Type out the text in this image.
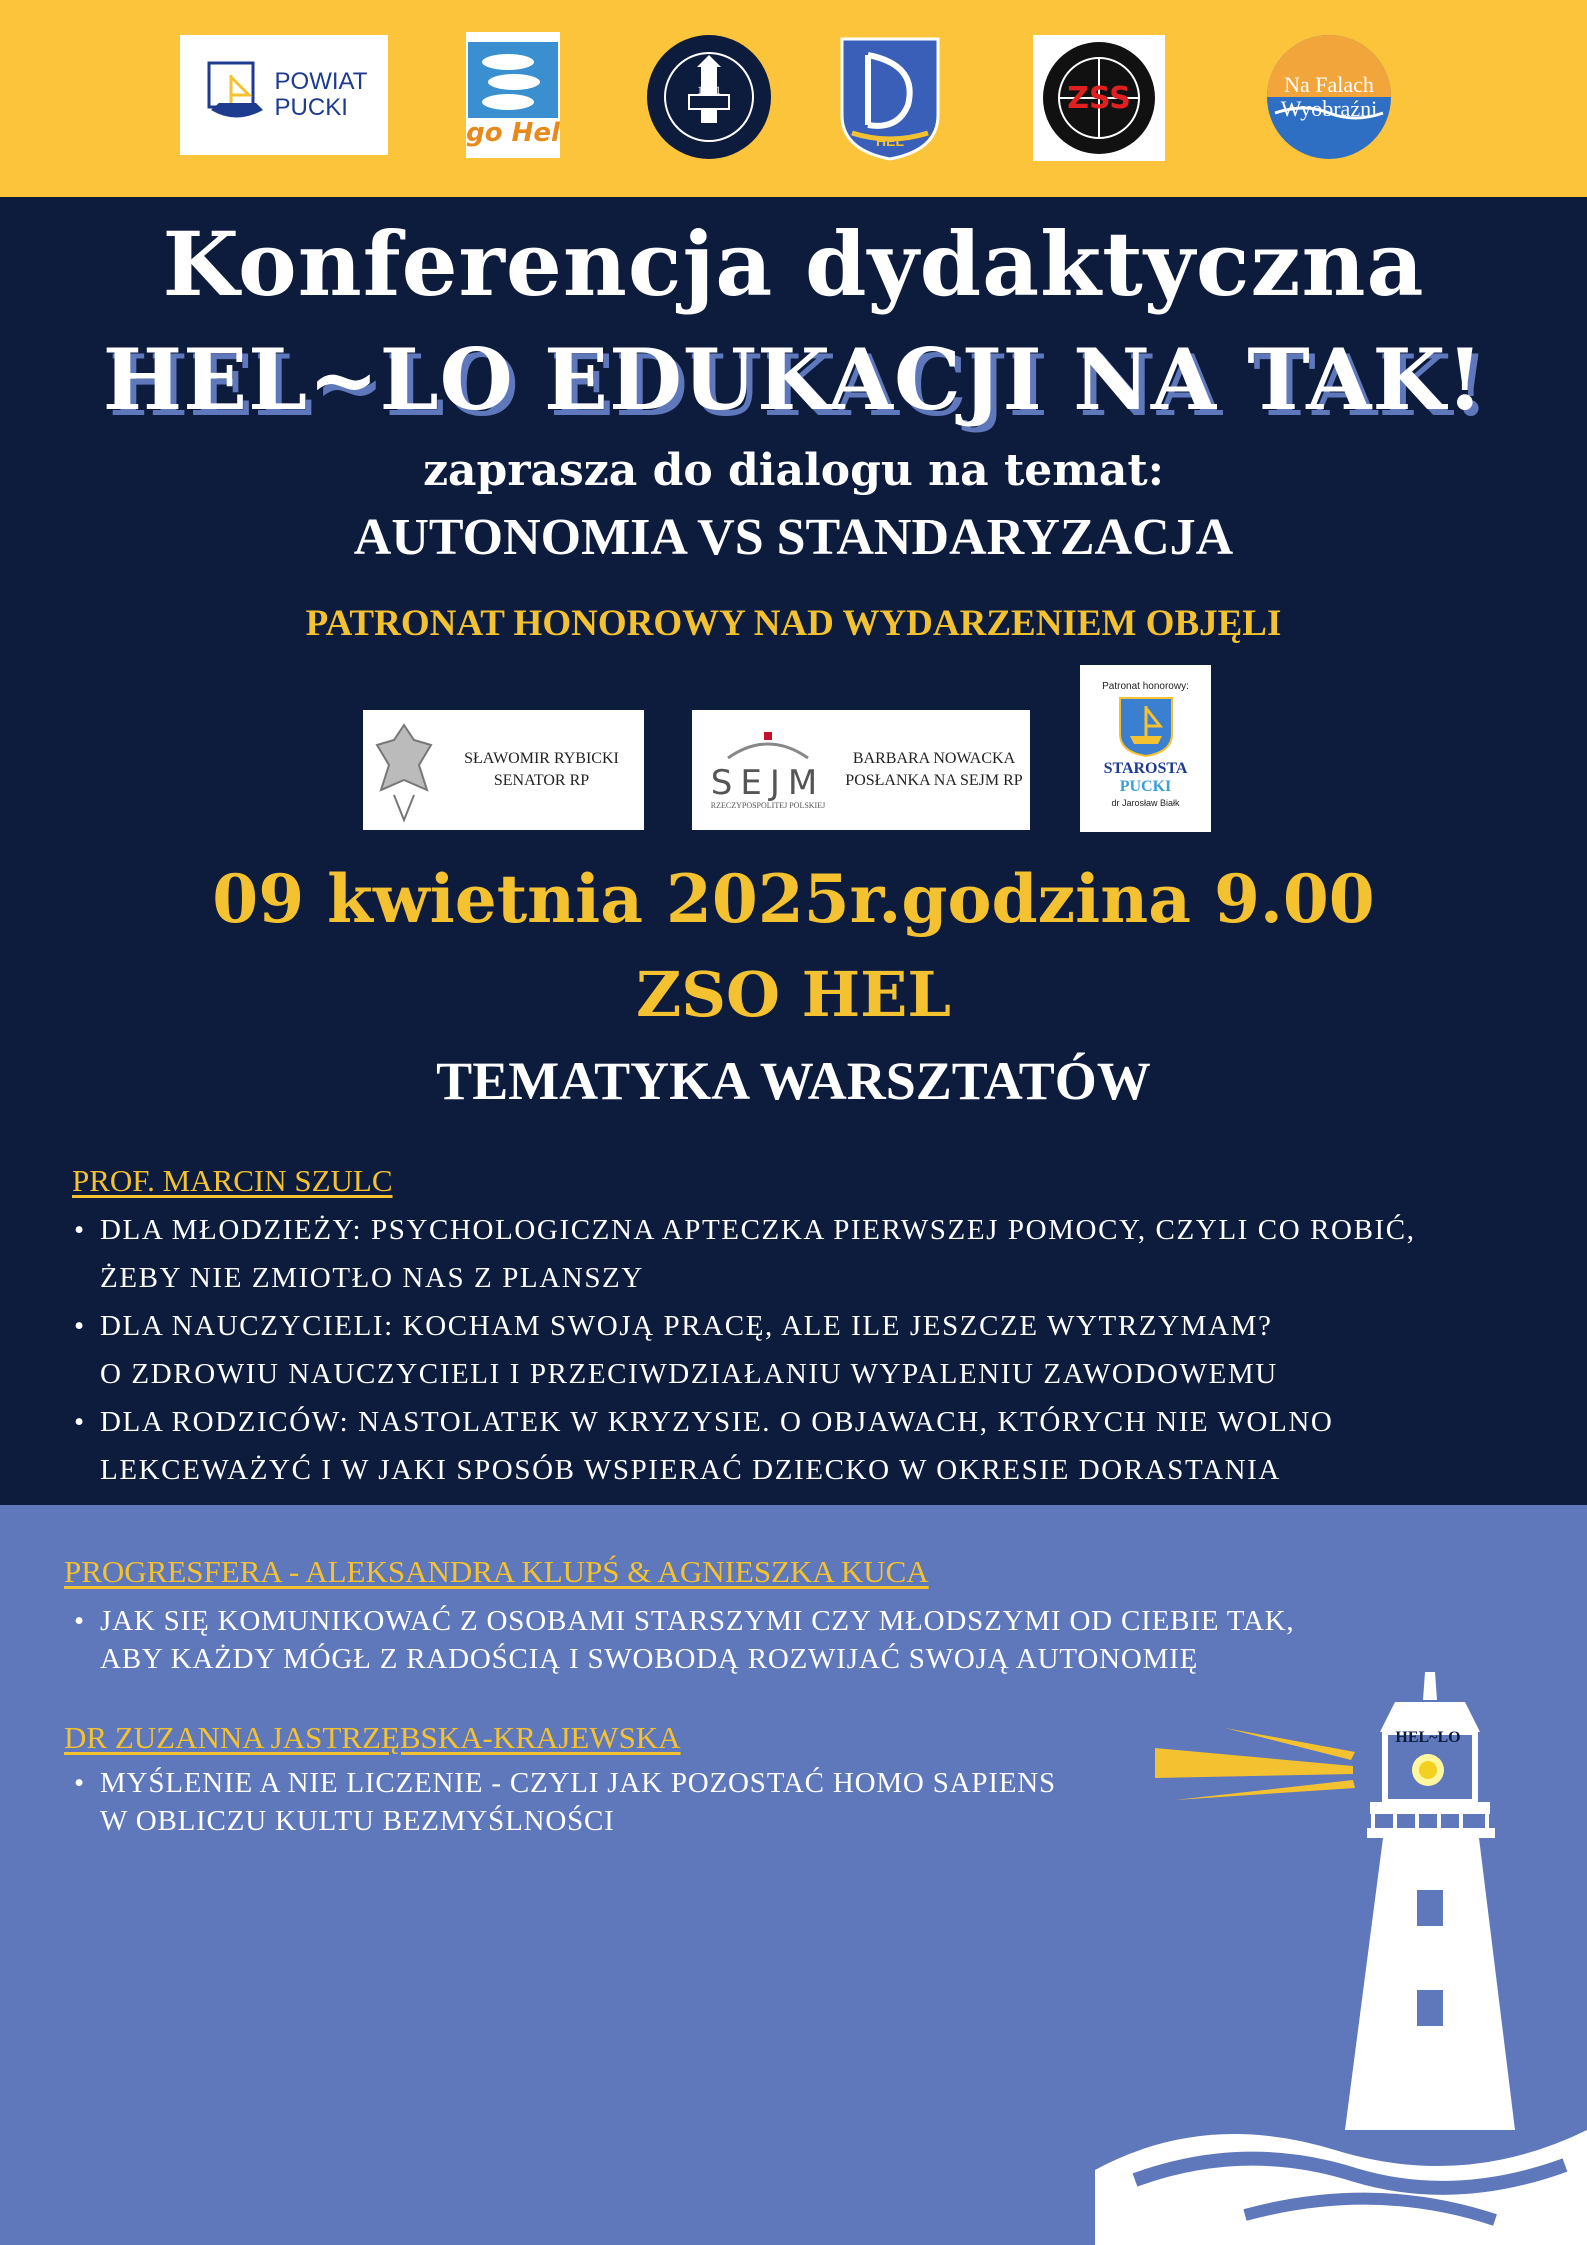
POWIAT
PUCKI
go Hel
1991
HEL
ZSS	Na Falach
Wyobraźni
Konferencja dydaktyczna
HEL~LO EDUKACJI NA TAK!
zaprasza do dialogu na temat:
AUTONOMIA VS STANDARYZACJA
PATRONAT HONOROWY NAD WYDARZENIEM OBJĘLI
SŁAWOMIR RYBICKI
SENATOR RP	SEJM
RZECZYPOSPOLITEJ POLSKIEJ
BARBARA NOWACKA
POSŁANKA NA SEJM RP
Patronat honorowy:
STAROSTA
PUCKI
dr Jarosław Białk
09 kwietnia 2025r.godzina 9.00
ZSO HEL
TEMATYKA WARSZTATÓW
PROF. MARCIN SZULC
• DLA MŁODZIEŻY: PSYCHOLOGICZNA APTECZKA PIERWSZEJ POMOCY, CZYLI CO ROBIĆ,
ŻEBY NIE ZMIOTŁO NAS Z PLANSZY
• DLA NAUCZYCIELI: KOCHAM SWOJĄ PRACĘ, ALE ILE JESZCZE WYTRZYMAM?
O ZDROWIU NAUCZYCIELI I PRZECIWDZIAŁANIU WYPALENIU ZAWODOWEMU
• DLA RODZICÓW: NASTOLATEK W KRYZYSIE. O OBJAWACH, KTÓRYCH NIE WOLNO
LEKCEWAŻYĆ I W JAKI SPOSÓB WSPIERAĆ DZIECKO W OKRESIE DORASTANIA
PROGRESFERA - ALEKSANDRA KLUPŚ & AGNIESZKA KUCA
• JAK SIĘ KOMUNIKOWAĆ Z OSOBAMI STARSZYMI CZY MŁODSZYMI OD CIEBIE TAK,
ABY KAŻDY MÓGŁ Z RADOŚCIĄ I SWOBODĄ ROZWIJAĆ SWOJĄ AUTONOMIĘ
DR ZUZANNA JASTRZĘBSKA-KRAJEWSKA
• MYŚLENIE A NIE LICZENIE - CZYLI JAK POZOSTAĆ HOMO SAPIENS
W OBLICZU KULTU BEZMYŚLNOŚCI
HEL~LO
